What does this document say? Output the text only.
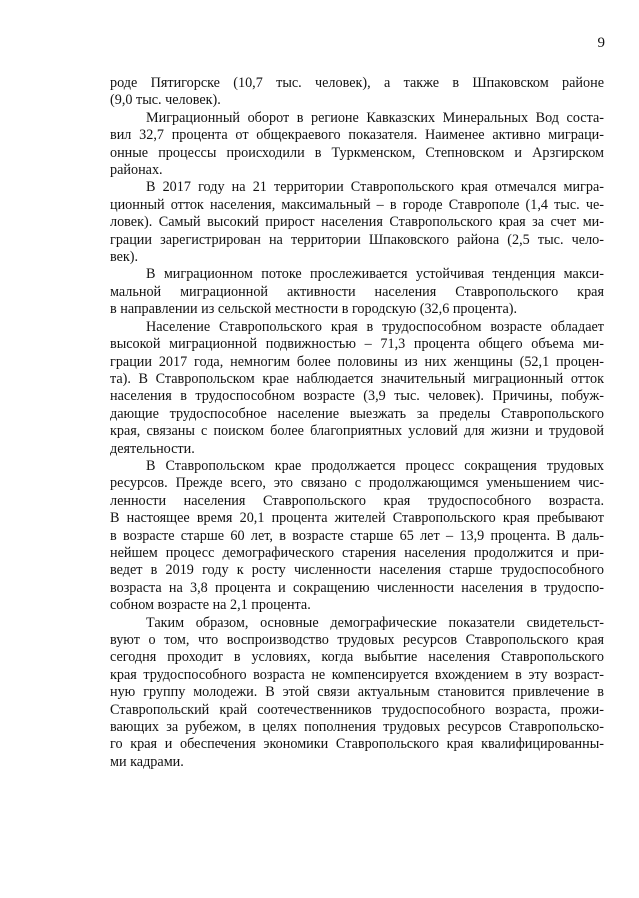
9
роде Пятигорске (10,7 тыс. человек), а также в Шпаковском районе
(9,0 тыс. человек).
Миграционный оборот в регионе Кавказских Минеральных Вод соста-
вил 32,7 процента от общекраевого показателя. Наименее активно миграци-
онные процессы происходили в Туркменском, Степновском и Арзгирском
районах.
В 2017 году на 21 территории Ставропольского края отмечался мигра-
ционный отток населения, максимальный – в городе Ставрополе (1,4 тыс. че-
ловек). Самый высокий прирост населения Ставропольского края за счет ми-
грации зарегистрирован на территории Шпаковского района (2,5 тыс. чело-
век).
В миграционном потоке прослеживается устойчивая тенденция макси-
мальной миграционной активности населения Ставропольского края
в направлении из сельской местности в городскую (32,6 процента).
Население Ставропольского края в трудоспособном возрасте обладает
высокой миграционной подвижностью – 71,3 процента общего объема ми-
грации 2017 года, немногим более половины из них женщины (52,1 процен-
та). В Ставропольском крае наблюдается значительный миграционный отток
населения в трудоспособном возрасте (3,9 тыс. человек). Причины, побуж-
дающие трудоспособное население выезжать за пределы Ставропольского
края, связаны с поиском более благоприятных условий для жизни и трудовой
деятельности.
В Ставропольском крае продолжается процесс сокращения трудовых
ресурсов. Прежде всего, это связано с продолжающимся уменьшением чис-
ленности населения Ставропольского края трудоспособного возраста.
В настоящее время 20,1 процента жителей Ставропольского края пребывают
в возрасте старше 60 лет, в возрасте старше 65 лет – 13,9 процента. В даль-
нейшем процесс демографического старения населения продолжится и при-
ведет в 2019 году к росту численности населения старше трудоспособного
возраста на 3,8 процента и сокращению численности населения в трудоспо-
собном возрасте на 2,1 процента.
Таким образом, основные демографические показатели свидетельст-
вуют о том, что воспроизводство трудовых ресурсов Ставропольского края
сегодня проходит в условиях, когда выбытие населения Ставропольского
края трудоспособного возраста не компенсируется вхождением в эту возраст-
ную группу молодежи. В этой связи актуальным становится привлечение в
Ставропольский край соотечественников трудоспособного возраста, прожи-
вающих за рубежом, в целях пополнения трудовых ресурсов Ставропольско-
го края и обеспечения экономики Ставропольского края квалифицированны-
ми кадрами.
